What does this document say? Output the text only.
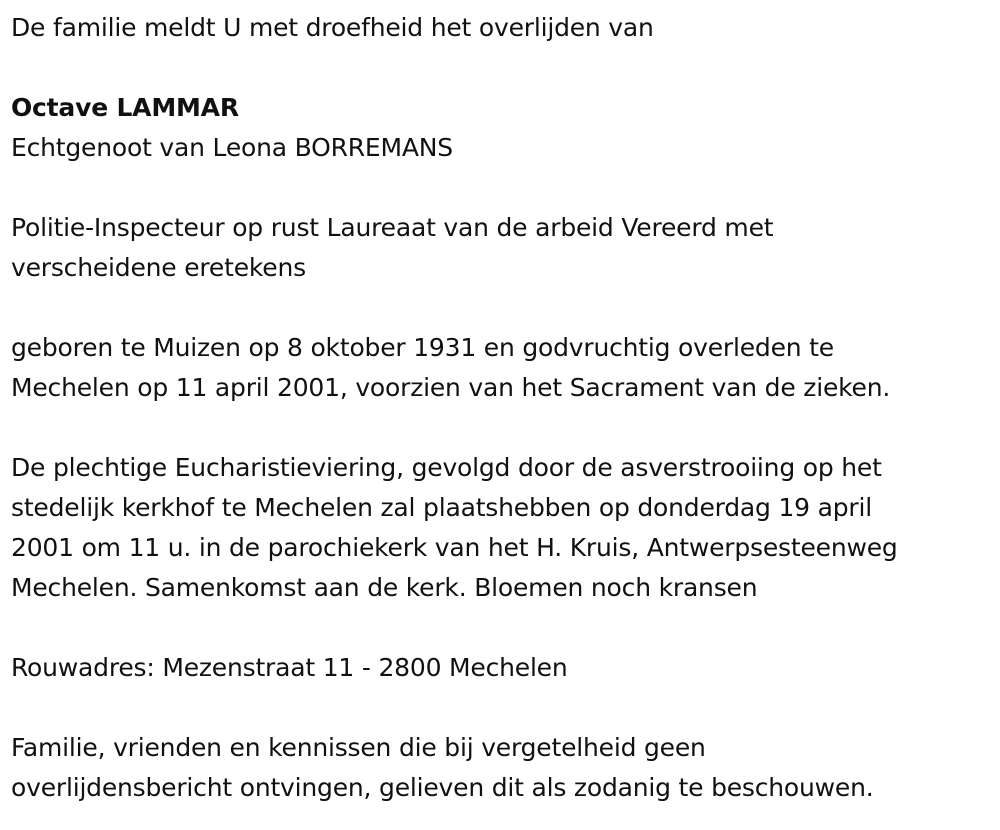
De familie meldt U met droefheid het overlijden van

Octave LAMMAR

Echtgenoot van Leona BORREMANS

Politie-Inspecteur op rust Laureaat van de arbeid Vereerd met

verscheidene eretekens

geboren te Muizen op 8 oktober 1931 en godvruchtig overleden te

Mechelen op 11 april 2001, voorzien van het Sacrament van de zieken.

De plechtige Eucharistieviering, gevolgd door de asverstrooiing op het

stedelijk kerkhof te Mechelen zal plaatshebben op donderdag 19 april

2001 om 11 u. in de parochiekerk van het H. Kruis, Antwerpsesteenweg

Mechelen. Samenkomst aan de kerk. Bloemen noch kransen

Rouwadres: Mezenstraat 11 - 2800 Mechelen

Familie, vrienden en kennissen die bij vergetelheid geen

overlijdensbericht ontvingen, gelieven dit als zodanig te beschouwen.
